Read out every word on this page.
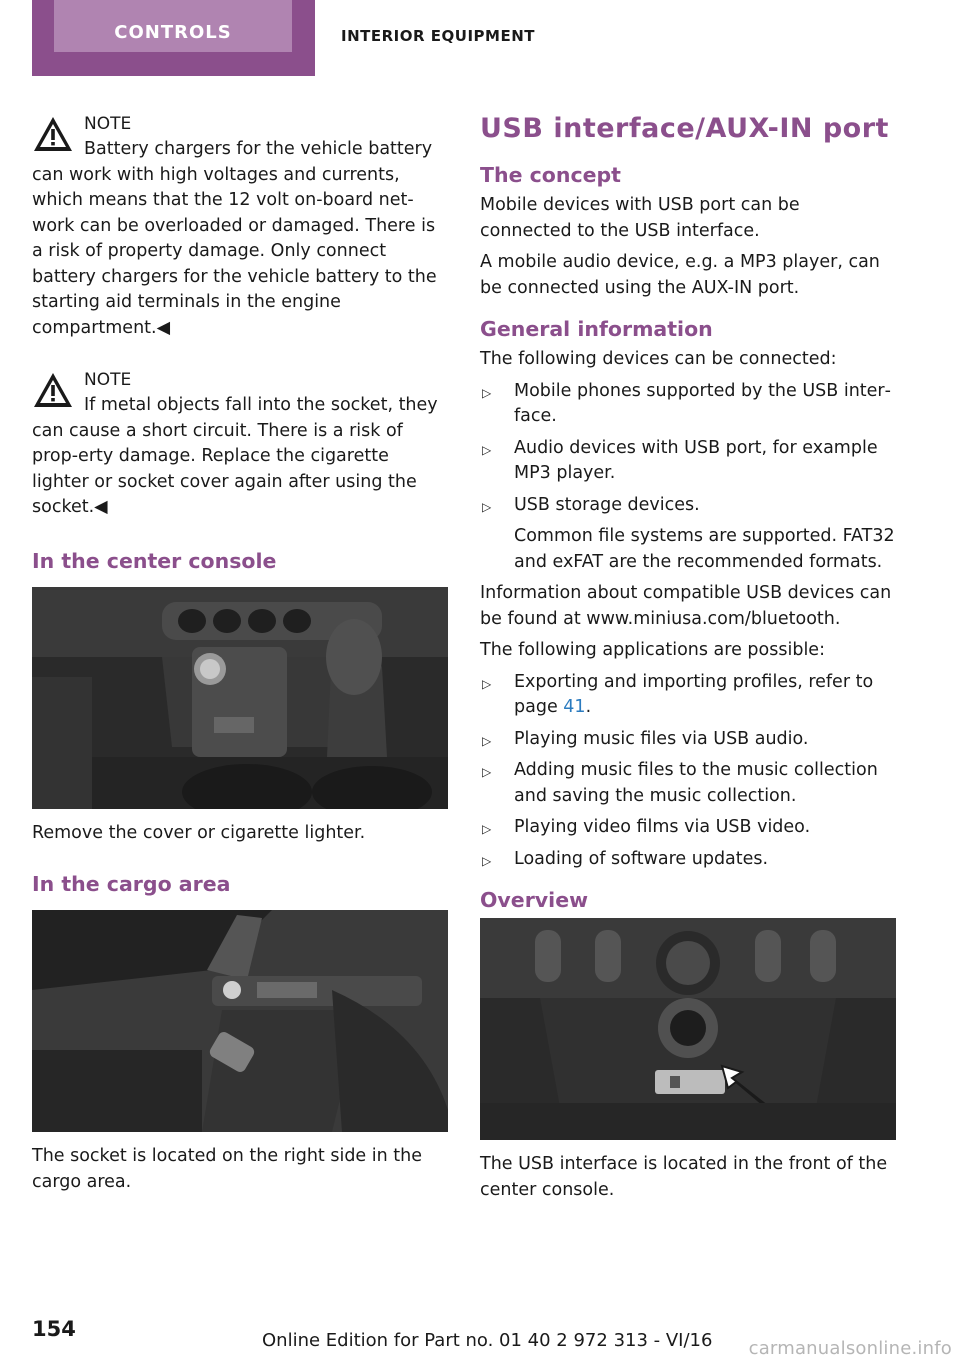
CONTROLS	INTERIOR EQUIPMENT
NOTE

Battery chargers for the vehicle battery can work with high voltages and currents, which means that the 12 volt on-board net‐work can be overloaded or damaged. There is a risk of property damage. Only connect battery chargers for the vehicle battery to the starting aid terminals in the engine compartment.◀

NOTE

If metal objects fall into the socket, they can cause a short circuit. There is a risk of prop‐erty damage. Replace the cigarette lighter or socket cover again after using the socket.◀

In the center console

Remove the cover or cigarette lighter.

In the cargo area

The socket is located on the right side in the cargo area.

USB interface/AUX-IN port
The concept

Mobile devices with USB port can be connected to the USB interface.

A mobile audio device, e.g. a MP3 player, can be connected using the AUX-IN port.

General information

The following devices can be connected:

▷ Mobile phones supported by the USB inter‐face.
▷ Audio devices with USB port, for example MP3 player.
▷ USB storage devices.

Common file systems are supported. FAT32 and exFAT are the recommended formats.

Information about compatible USB devices can be found at www.miniusa.com/bluetooth.

The following applications are possible:

▷ Exporting and importing profiles, refer to page 41.
▷ Playing music files via USB audio.
▷ Adding music files to the music collection and saving the music collection.
▷ Playing video films via USB video.
▷ Loading of software updates.
Overview

The USB interface is located in the front of the center console.

154	Online Edition for Part no. 01 40 2 972 313 - VI/16 carmanualsonline.info
